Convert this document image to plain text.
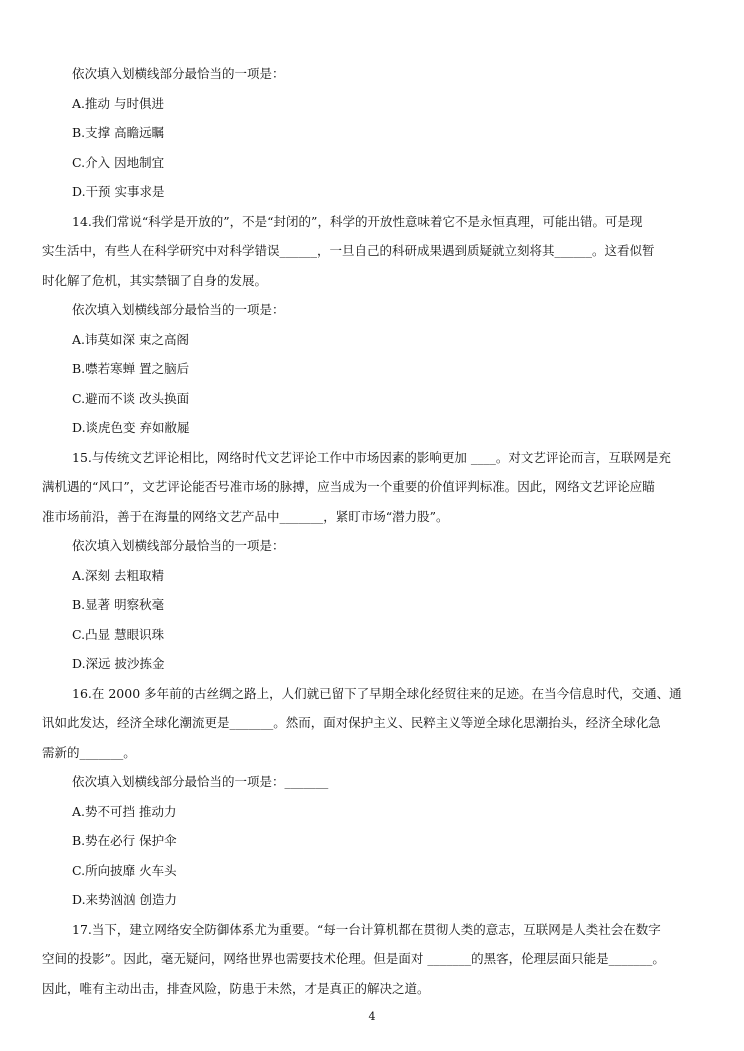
依次填入划横线部分最恰当的一项是：
A.推动 与时俱进
B.支撑 高瞻远瞩
C.介入 因地制宜
D.干预 实事求是
14.我们常说“科学是开放的”，不是“封闭的”，科学的开放性意味着它不是永恒真理，可能出错。可是现
实生活中，有些人在科学研究中对科学错误______，一旦自己的科研成果遇到质疑就立刻将其______。这看似暂
时化解了危机，其实禁锢了自身的发展。
依次填入划横线部分最恰当的一项是：
A.讳莫如深 束之高阁
B.噤若寒蝉 置之脑后
C.避而不谈 改头换面
D.谈虎色变 弃如敝屣
15.与传统文艺评论相比，网络时代文艺评论工作中市场因素的影响更加 ____。对文艺评论而言，互联网是充
满机遇的“风口”，文艺评论能否号准市场的脉搏，应当成为一个重要的价值评判标准。因此，网络文艺评论应瞄
准市场前沿，善于在海量的网络文艺产品中_______，紧盯市场“潜力股”。
依次填入划横线部分最恰当的一项是：
A.深刻 去粗取精
B.显著 明察秋毫
C.凸显 慧眼识珠
D.深远 披沙拣金
16.在 2000 多年前的古丝绸之路上，人们就已留下了早期全球化经贸往来的足迹。在当今信息时代，交通、通
讯如此发达，经济全球化潮流更是_______。然而，面对保护主义、民粹主义等逆全球化思潮抬头，经济全球化急
需新的_______。
依次填入划横线部分最恰当的一项是：_______
A.势不可挡 推动力
B.势在必行 保护伞
C.所向披靡 火车头
D.来势汹汹 创造力
17.当下，建立网络安全防御体系尤为重要。“每一台计算机都在贯彻人类的意志，互联网是人类社会在数字
空间的投影”。因此，毫无疑问，网络世界也需要技术伦理。但是面对 _______的黑客，伦理层面只能是_______。
因此，唯有主动出击，排查风险，防患于未然，才是真正的解决之道。
4
